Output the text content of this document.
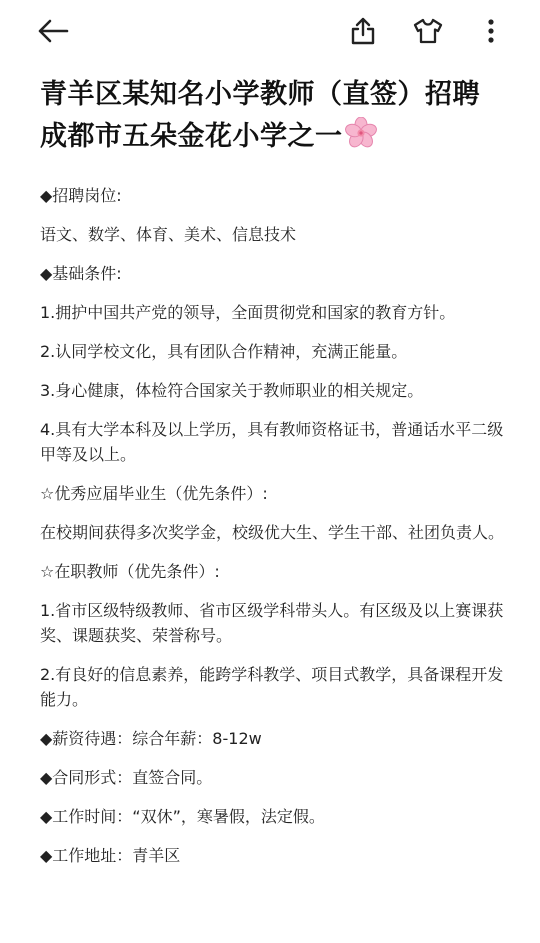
青羊区某知名小学教师（直签）招聘
成都市五朵金花小学之一

◆招聘岗位:

语文、数学、体育、美术、信息技术

◆基础条件:

1.拥护中国共产党的领导，全面贯彻党和国家的教育方针。

2.认同学校文化，具有团队合作精神，充满正能量。

3.身心健康，体检符合国家关于教师职业的相关规定。

4.具有大学本科及以上学历，具有教师资格证书，普通话水平二级甲等及以上。

☆优秀应届毕业生（优先条件）:

在校期间获得多次奖学金，校级优大生、学生干部、社团负责人。

☆在职教师（优先条件）:

1.省市区级特级教师、省市区级学科带头人。有区级及以上赛课获奖、课题获奖、荣誉称号。

2.有良好的信息素养，能跨学科教学、项目式教学，具备课程开发能力。

◆薪资待遇：综合年薪：8-12w

◆合同形式：直签合同。

◆工作时间：“双休”，寒暑假，法定假。

◆工作地址：青羊区
